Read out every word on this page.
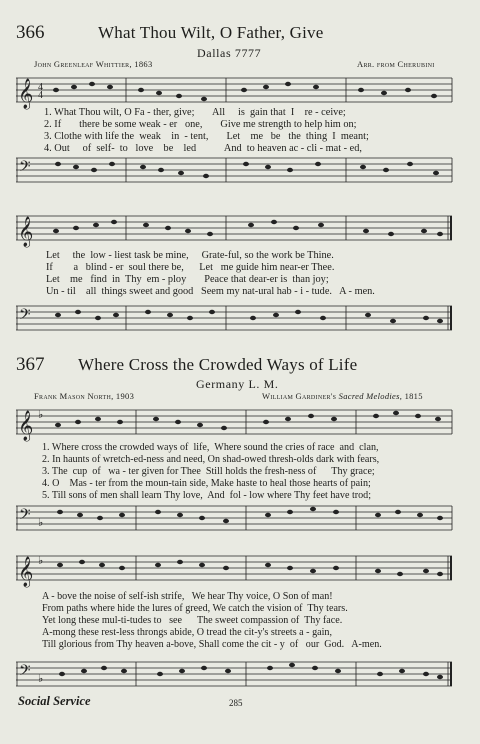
366	What Thou Wilt, O Father, Give
Dallas 7777
John Greenleaf Whittier, 1863	Arr. from Cherubini
𝄞 4
4
1. What Thou wilt, O Fa - ther, give;       All     is  gain that  I    re - ceive;
2. If       there be some weak - er   one,       Give me strength to help him on;
3. Clothe with life the  weak    in  - tent,       Let    me   be   the  thing  I  meant;
4. Out     of  self-  to   love    be    led           And  to heaven ac - cli - mat - ed,
𝄢
𝄞
Let     the  low - liest task be mine,     Grate-ful, so the work be Thine.
If        a   blind - er  soul there be,      Let   me guide him near-er Thee.
Let    me   find  in  Thy  em - ploy       Peace that dear-er is  than joy;
Un - til    all  things sweet and good   Seem my nat-ural hab - i - tude.   A - men.
𝄢
367 Where Cross the Crowded Ways of Life
Germany L. M.
Frank Mason North, 1903	William Gardiner's Sacred Melodies, 1815
𝄞 ♭
1. Where cross the crowded ways of  life,  Where sound the cries of race  and  clan,
2. In haunts of wretch-ed-ness and need, On shad-owed thresh-olds dark with fears,
3. The  cup  of   wa - ter given for Thee  Still holds the fresh-ness of      Thy grace;
4. O    Mas - ter from the moun-tain side, Make haste to heal those hearts of pain;
5. Till sons of men shall learn Thy love,  And  fol - low where Thy feet have trod;
𝄢 ♭
𝄞 ♭
A - bove the noise of self-ish strife,   We hear Thy voice, O Son of man!
From paths where hide the lures of greed, We catch the vision of  Thy tears.
Yet long these mul-ti-tudes to   see      The sweet compassion of  Thy face.
A-mong these rest-less throngs abide, O tread the cit-y's streets a - gain,
Till glorious from Thy heaven a-bove, Shall come the cit - y  of   our  God.   A-men.
𝄢 ♭
Social Service	285
